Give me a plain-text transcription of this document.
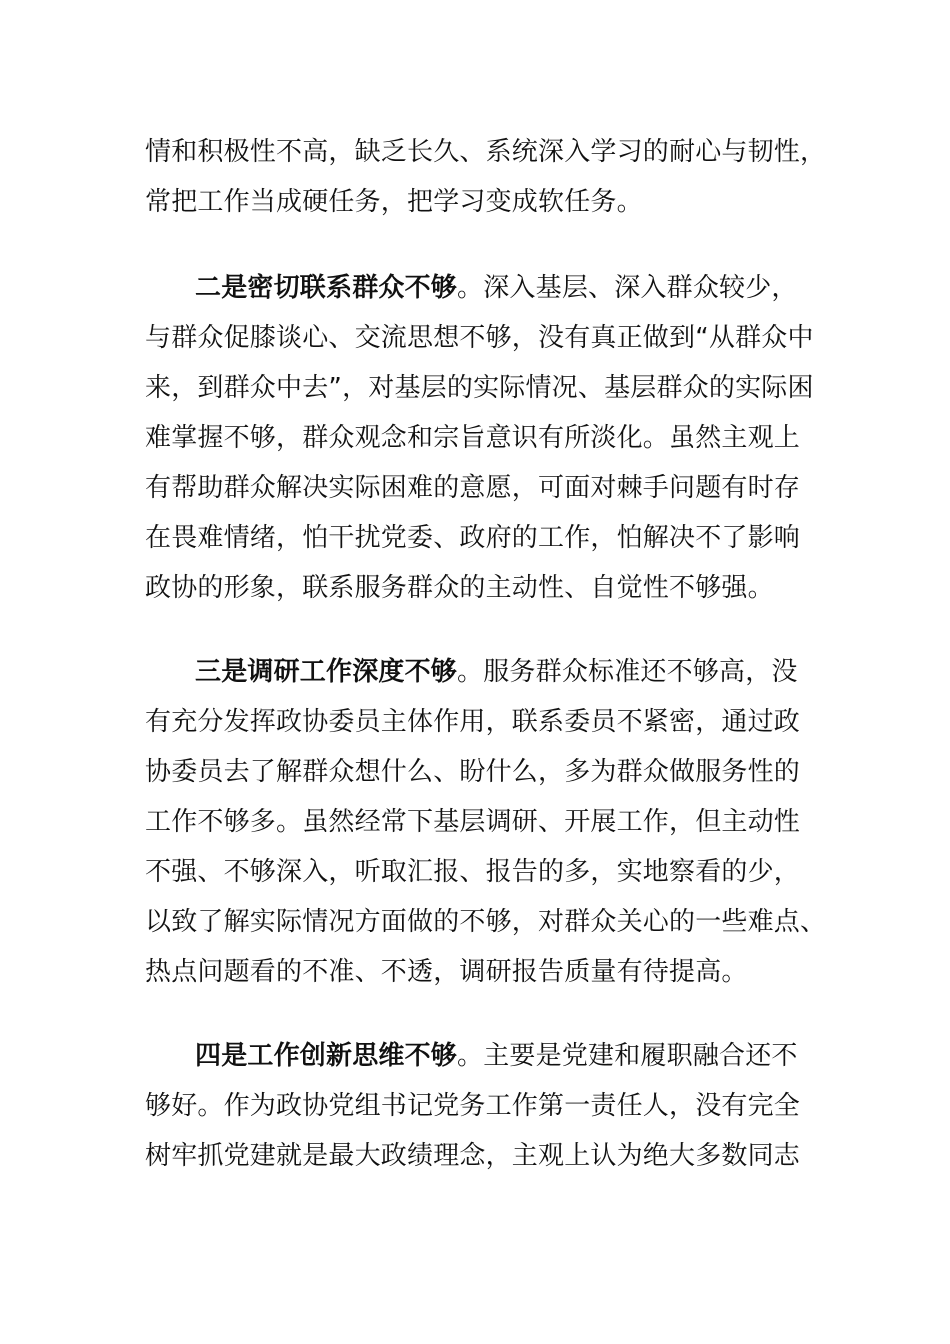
情和积极性不高，缺乏长久、系统深入学习的耐心与韧性，
常把工作当成硬任务，把学习变成软任务。
二是密切联系群众不够。深入基层、深入群众较少，
与群众促膝谈心、交流思想不够，没有真正做到“从群众中
来，到群众中去”，对基层的实际情况、基层群众的实际困
难掌握不够，群众观念和宗旨意识有所淡化。虽然主观上
有帮助群众解决实际困难的意愿，可面对棘手问题有时存
在畏难情绪，怕干扰党委、政府的工作，怕解决不了影响
政协的形象，联系服务群众的主动性、自觉性不够强。
三是调研工作深度不够。服务群众标准还不够高，没
有充分发挥政协委员主体作用，联系委员不紧密，通过政
协委员去了解群众想什么、盼什么，多为群众做服务性的
工作不够多。虽然经常下基层调研、开展工作，但主动性
不强、不够深入，听取汇报、报告的多，实地察看的少，
以致了解实际情况方面做的不够，对群众关心的一些难点、
热点问题看的不准、不透，调研报告质量有待提高。
四是工作创新思维不够。主要是党建和履职融合还不
够好。作为政协党组书记党务工作第一责任人，没有完全
树牢抓党建就是最大政绩理念，主观上认为绝大多数同志
